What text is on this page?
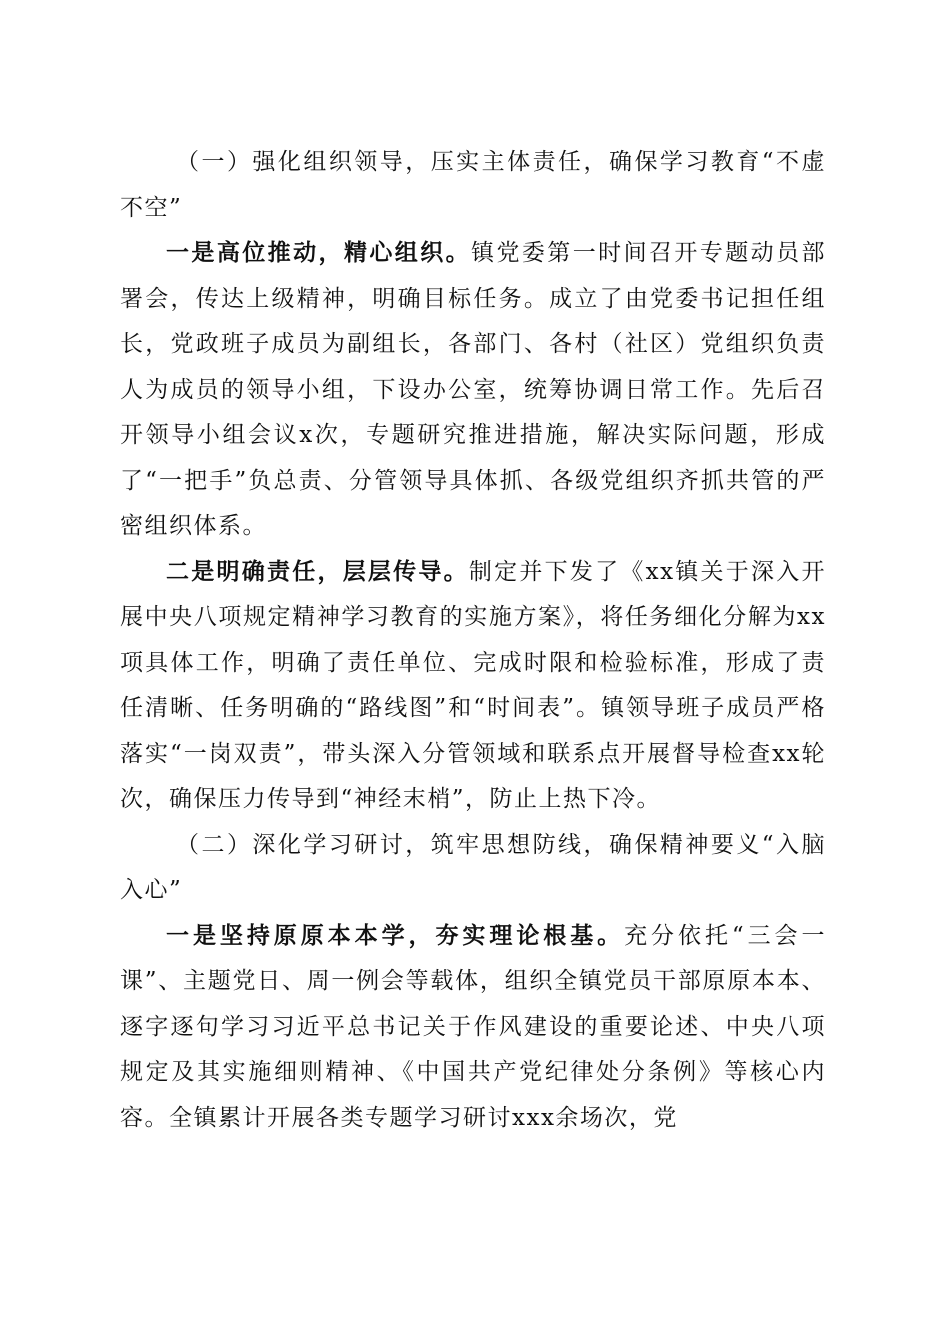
（一）强化组织领导，压实主体责任，确保学习教育“不虚不空”

一是高位推动，精心组织。镇党委第一时间召开专题动员部署会，传达上级精神，明确目标任务。成立了由党委书记担任组长，党政班子成员为副组长，各部门、各村（社区）党组织负责人为成员的领导小组，下设办公室，统筹协调日常工作。先后召开领导小组会议x次，专题研究推进措施，解决实际问题，形成了“一把手”负总责、分管领导具体抓、各级党组织齐抓共管的严密组织体系。

二是明确责任，层层传导。制定并下发了《xx镇关于深入开展中央八项规定精神学习教育的实施方案》，将任务细化分解为xx项具体工作，明确了责任单位、完成时限和检验标准，形成了责任清晰、任务明确的“路线图”和“时间表”。镇领导班子成员严格落实“一岗双责”，带头深入分管领域和联系点开展督导检查xx轮次，确保压力传导到“神经末梢”，防止上热下冷。

（二）深化学习研讨，筑牢思想防线，确保精神要义“入脑入心”

一是坚持原原本本学，夯实理论根基。充分依托“三会一课”、主题党日、周一例会等载体，组织全镇党员干部原原本本、逐字逐句学习习近平总书记关于作风建设的重要论述、中央八项规定及其实施细则精神、《中国共产党纪律处分条例》等核心内容。全镇累计开展各类专题学习研讨xxx余场次，党
